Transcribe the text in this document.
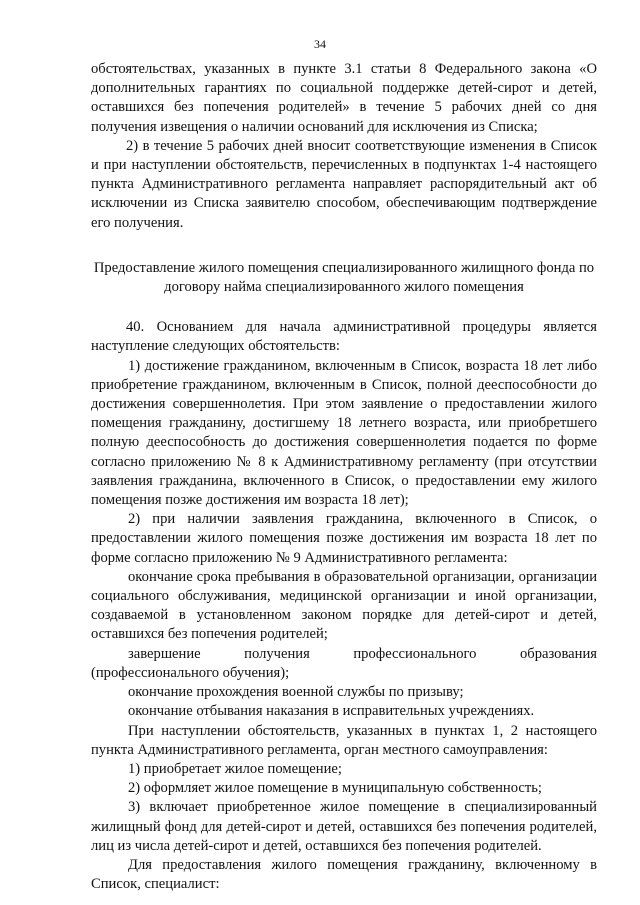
34

обстоятельствах, указанных в пункте 3.1 статьи 8 Федерального закона «О дополнительных гарантиях по социальной поддержке детей-сирот и детей, оставшихся без попечения родителей» в течение 5 рабочих дней со дня получения извещения о наличии оснований для исключения из Списка;

2) в течение 5 рабочих дней вносит соответствующие изменения в Список и при наступлении обстоятельств, перечисленных в подпунктах 1-4 настоящего пункта Административного регламента направляет распорядительный акт об исключении из Списка заявителю способом, обеспечивающим подтверждение его получения.

Предоставление жилого помещения специализированного жилищного фонда по договору найма специализированного жилого помещения

40. Основанием для начала административной процедуры является наступление следующих обстоятельств:

1) достижение гражданином, включенным в Список, возраста 18 лет либо приобретение гражданином, включенным в Список, полной дееспособности до достижения совершеннолетия. При этом заявление о предоставлении жилого помещения гражданину, достигшему 18 летнего возраста, или приобретшего полную дееспособность до достижения совершеннолетия подается по форме согласно приложению № 8 к Административному регламенту (при отсутствии заявления гражданина, включенного в Список, о предоставлении ему жилого помещения позже достижения им возраста 18 лет);

2) при наличии заявления гражданина, включенного в Список, о предоставлении жилого помещения позже достижения им возраста 18 лет по форме согласно приложению № 9 Административного регламента:

окончание срока пребывания в образовательной организации, организации социального обслуживания, медицинской организации и иной организации, создаваемой в установленном законом порядке для детей-сирот и детей, оставшихся без попечения родителей;

завершение получения профессионального образования (профессионального обучения);

окончание прохождения военной службы по призыву;

окончание отбывания наказания в исправительных учреждениях.

При наступлении обстоятельств, указанных в пунктах 1, 2 настоящего пункта Административного регламента, орган местного самоуправления:

1) приобретает жилое помещение;

2) оформляет жилое помещение в муниципальную собственность;

3) включает приобретенное жилое помещение в специализированный жилищный фонд для детей-сирот и детей, оставшихся без попечения родителей, лиц из числа детей-сирот и детей, оставшихся без попечения родителей.

Для предоставления жилого помещения гражданину, включенному в Список, специалист:
